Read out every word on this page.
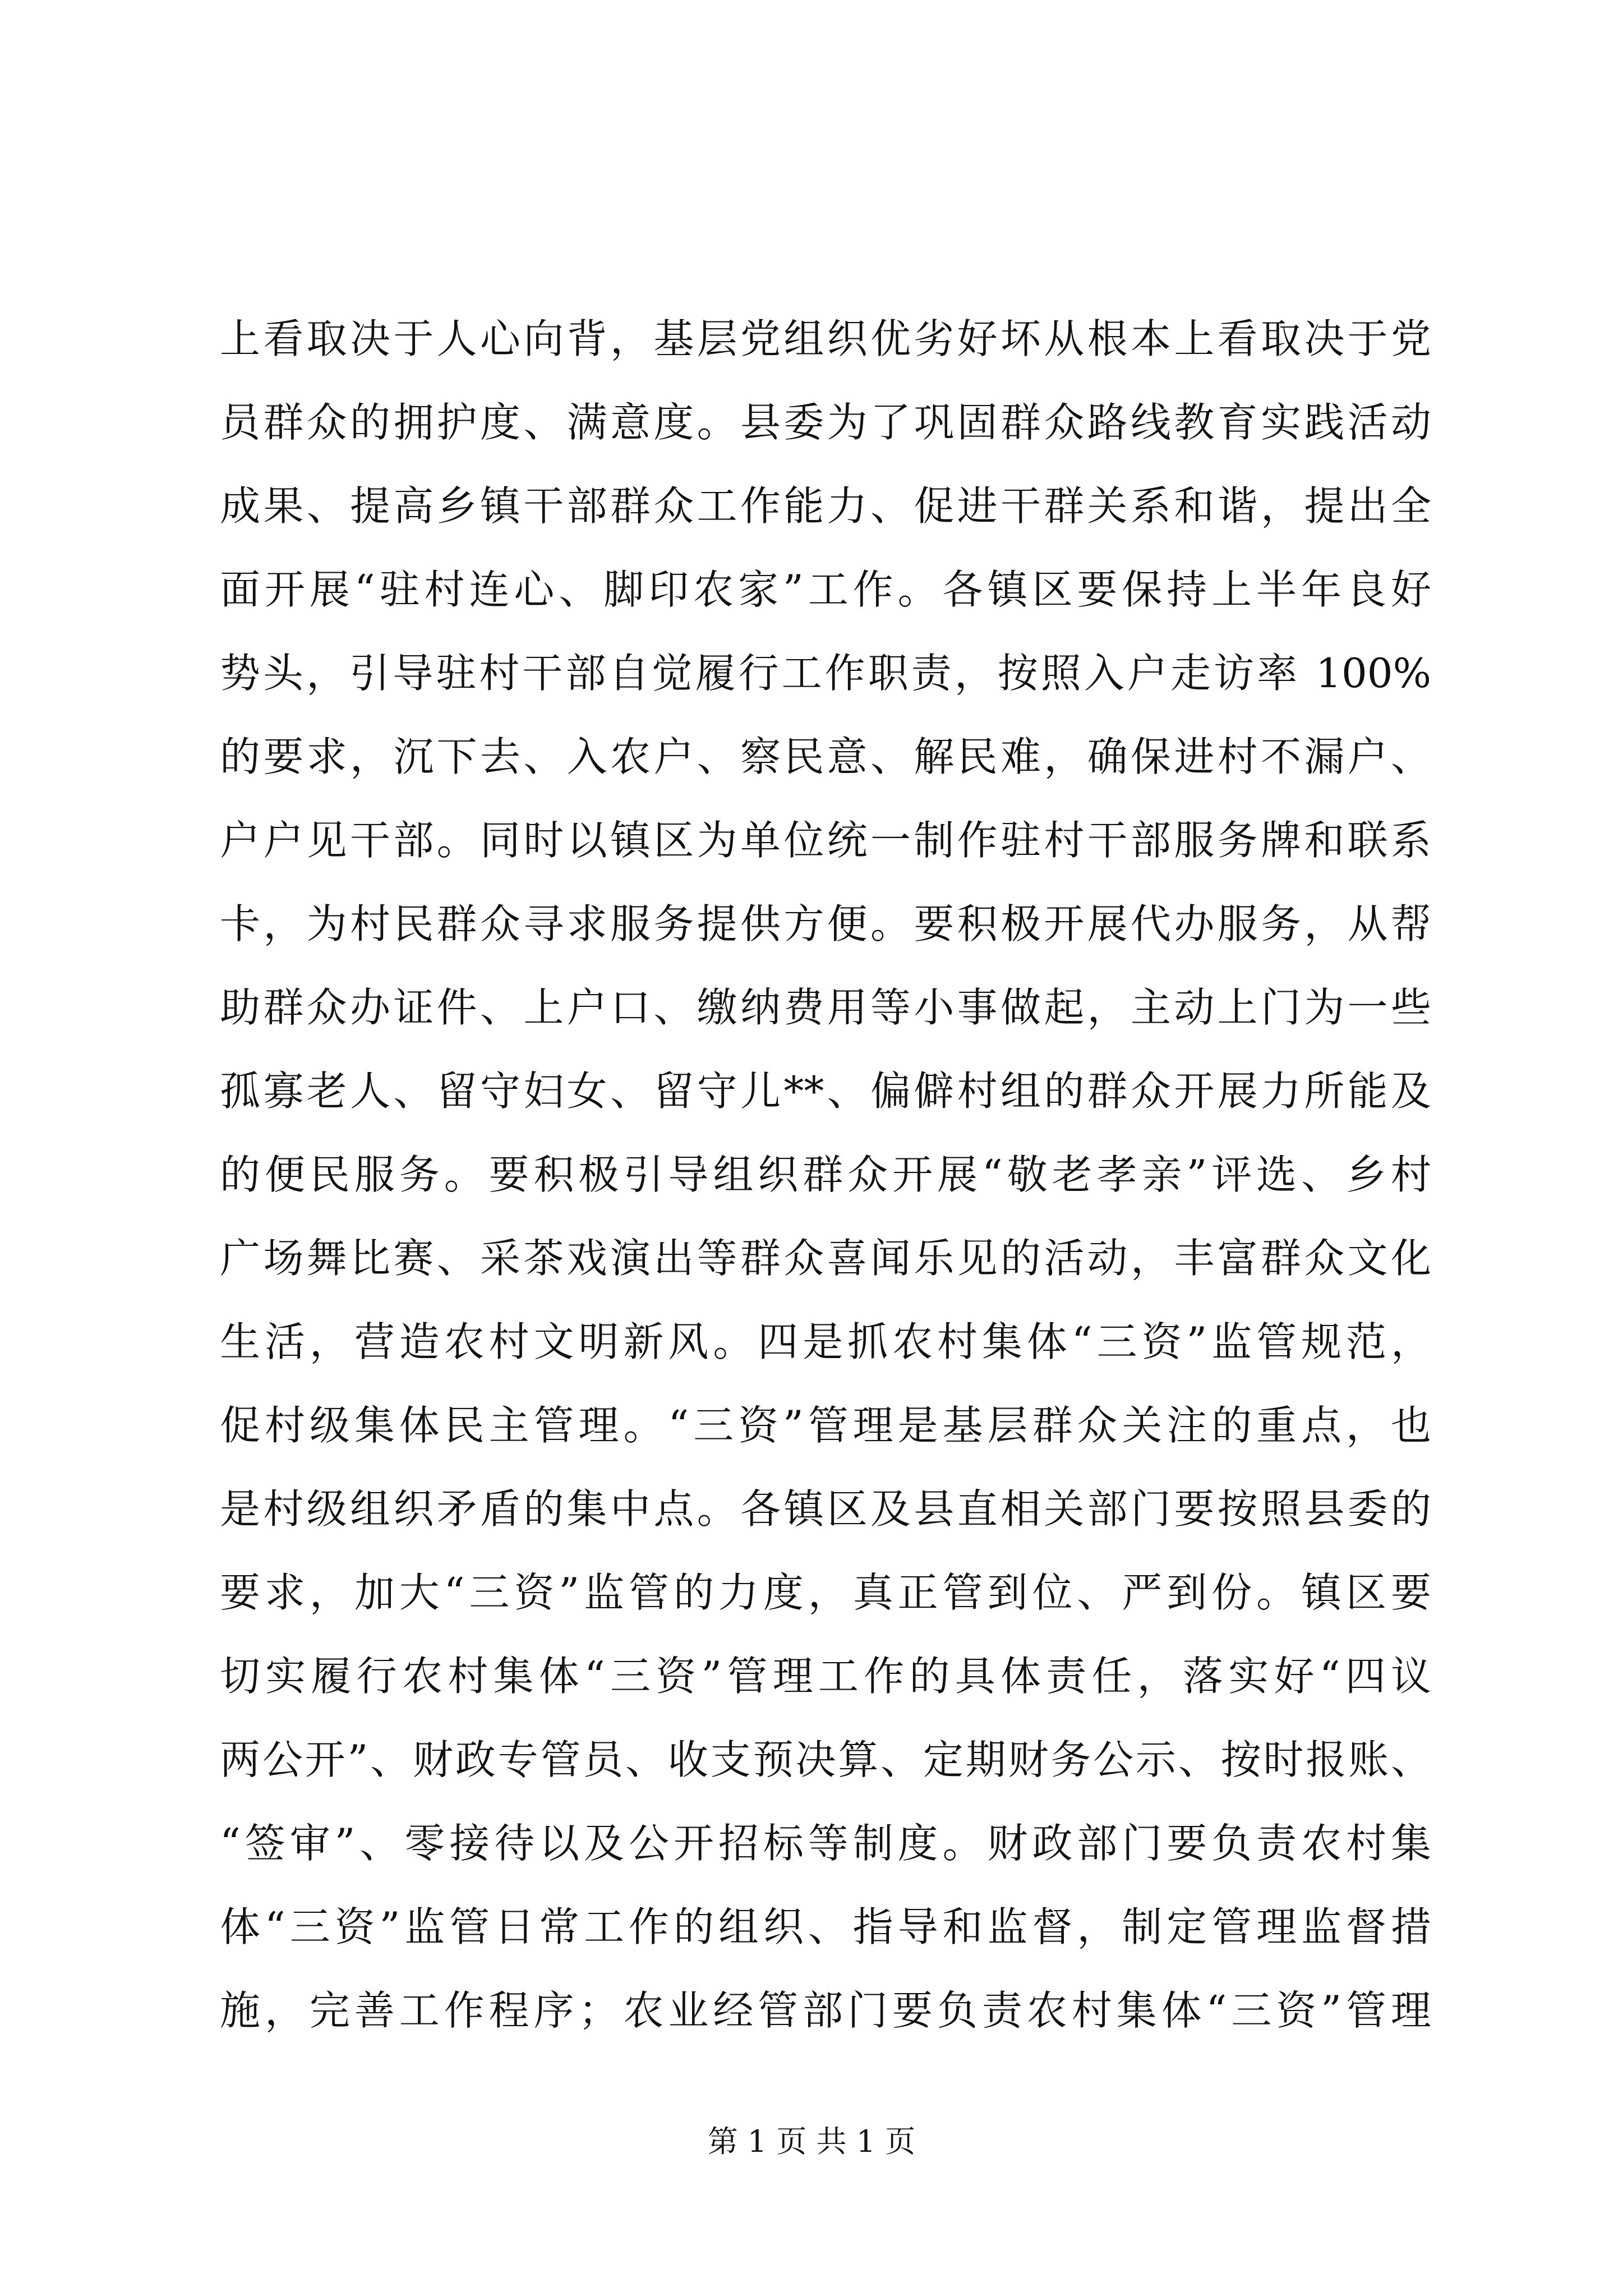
上看取决于人心向背，基层党组织优劣好坏从根本上看取决于党
员群众的拥护度、满意度。县委为了巩固群众路线教育实践活动
成果、提高乡镇干部群众工作能力、促进干群关系和谐，提出全
面开展“驻村连心、脚印农家”工作。各镇区要保持上半年良好
势头，引导驻村干部自觉履行工作职责，按照入户走访率 100%
的要求，沉下去、入农户、察民意、解民难，确保进村不漏户、
户户见干部。同时以镇区为单位统一制作驻村干部服务牌和联系
卡，为村民群众寻求服务提供方便。要积极开展代办服务，从帮
助群众办证件、上户口、缴纳费用等小事做起，主动上门为一些
孤寡老人、留守妇女、留守儿**、偏僻村组的群众开展力所能及
的便民服务。要积极引导组织群众开展“敬老孝亲”评选、乡村
广场舞比赛、采茶戏演出等群众喜闻乐见的活动，丰富群众文化
生活，营造农村文明新风。四是抓农村集体“三资”监管规范，
促村级集体民主管理。“三资”管理是基层群众关注的重点，也
是村级组织矛盾的集中点。各镇区及县直相关部门要按照县委的
要求，加大“三资”监管的力度，真正管到位、严到份。镇区要
切实履行农村集体“三资”管理工作的具体责任，落实好“四议
两公开”、财政专管员、收支预决算、定期财务公示、按时报账、
“签审”、零接待以及公开招标等制度。财政部门要负责农村集
体“三资”监管日常工作的组织、指导和监督，制定管理监督措
施，完善工作程序；农业经管部门要负责农村集体“三资”管理
第 1 页 共 1 页
